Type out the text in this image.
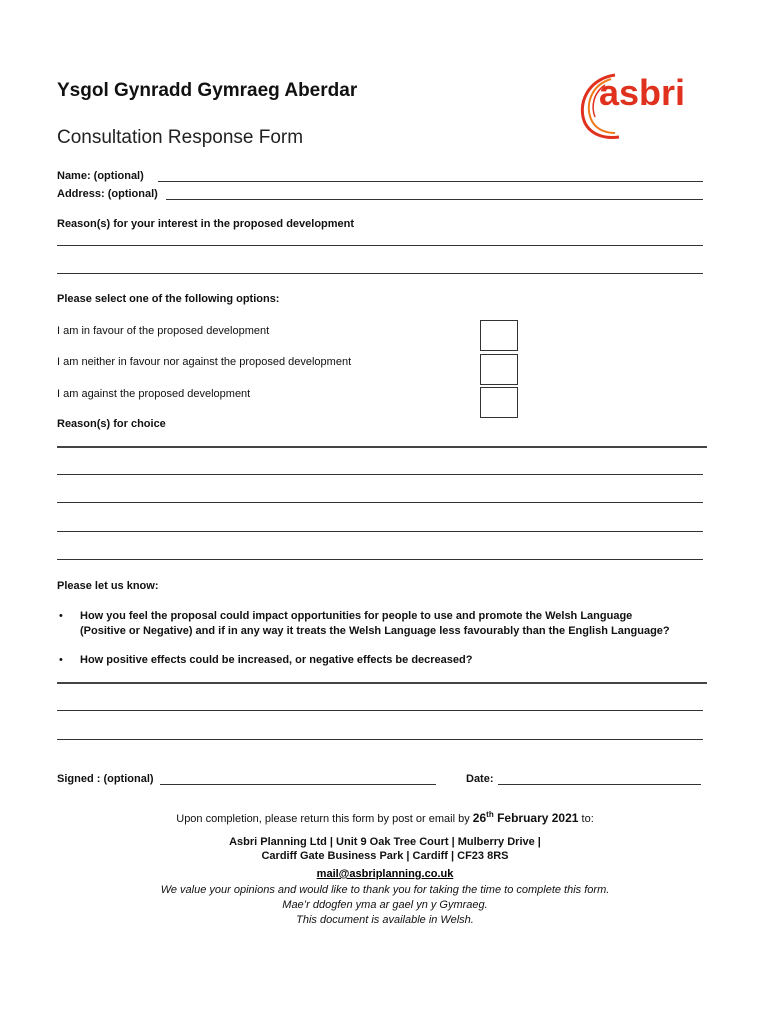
Ysgol Gynradd Gymraeg Aberdar
Consultation Response Form
asbri
Name: (optional)
Address: (optional)
Reason(s) for your interest in the proposed development
Please select one of the following options:
I am in favour of the proposed development
I am neither in favour nor against the proposed development
I am against the proposed development
Reason(s) for choice
Please let us know:
• How you feel the proposal could impact opportunities for people to use and promote the Welsh Language
(Positive or Negative) and if in any way it treats the Welsh Language less favourably than the English Language?
• How positive effects could be increased, or negative effects be decreased?
Signed : (optional)	Date:
Upon completion, please return this form by post or email by 26th February 2021 to:
Asbri Planning Ltd | Unit 9 Oak Tree Court | Mulberry Drive |
Cardiff Gate Business Park | Cardiff | CF23 8RS
mail@asbriplanning.co.uk
We value your opinions and would like to thank you for taking the time to complete this form.
Mae’r ddogfen yma ar gael yn y Gymraeg.
This document is available in Welsh.
